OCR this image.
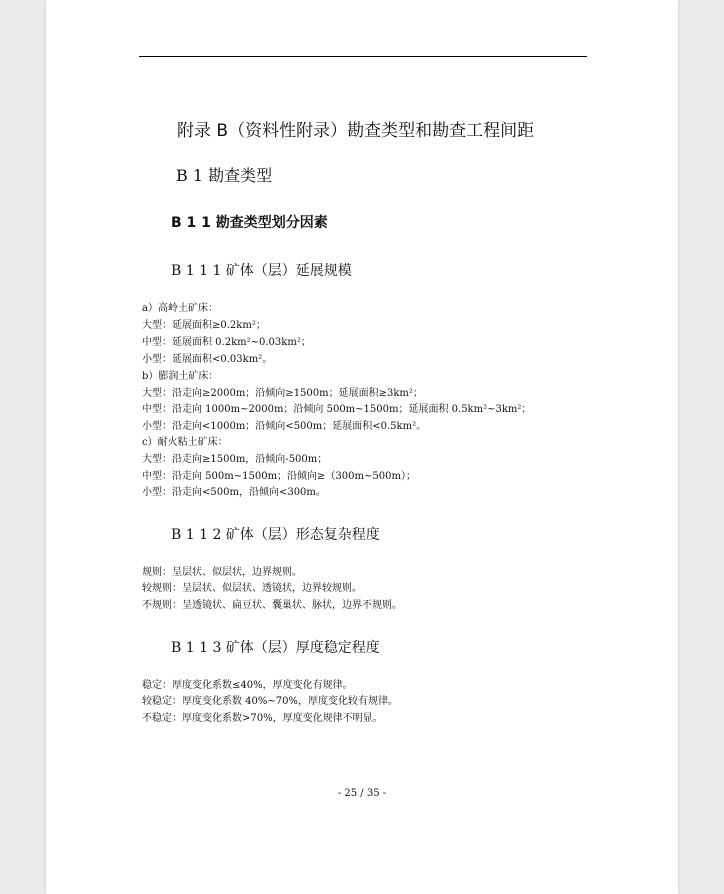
附录 B（资料性附录）勘查类型和勘查工程间距
B 1 勘查类型
B 1 1 勘查类型划分因素
B 1 1 1 矿体（层）延展规模
a）高岭土矿床：
大型：延展面积≥0.2km²；
中型：延展面积 0.2km²~0.03km²；
小型：延展面积<0.03km²。
b）膨润土矿床：
大型：沿走向≥2000m；沿倾向≥1500m；延展面积≥3km²；
中型：沿走向 1000m~2000m；沿倾向 500m~1500m；延展面积 0.5km²~3km²；
小型：沿走向<1000m；沿倾向<500m；延展面积<0.5km²。
c）耐火粘土矿床：
大型：沿走向≥1500m，沿倾向-500m；
中型：沿走向 500m~1500m；沿倾向≥（300m~500m）；
小型：沿走向<500m，沿倾向<300m。
B 1 1 2 矿体（层）形态复杂程度
规则：呈层状、似层状，边界规则。
较规则：呈层状、似层状、透镜状，边界较规则。
不规则：呈透镜状、扁豆状、囊巢状、脉状，边界不规则。
B 1 1 3 矿体（层）厚度稳定程度
稳定：厚度变化系数≤40%，厚度变化有规律。
较稳定：厚度变化系数 40%~70%，厚度变化较有规律。
不稳定：厚度变化系数>70%，厚度变化规律不明显。
- 25 / 35 -
